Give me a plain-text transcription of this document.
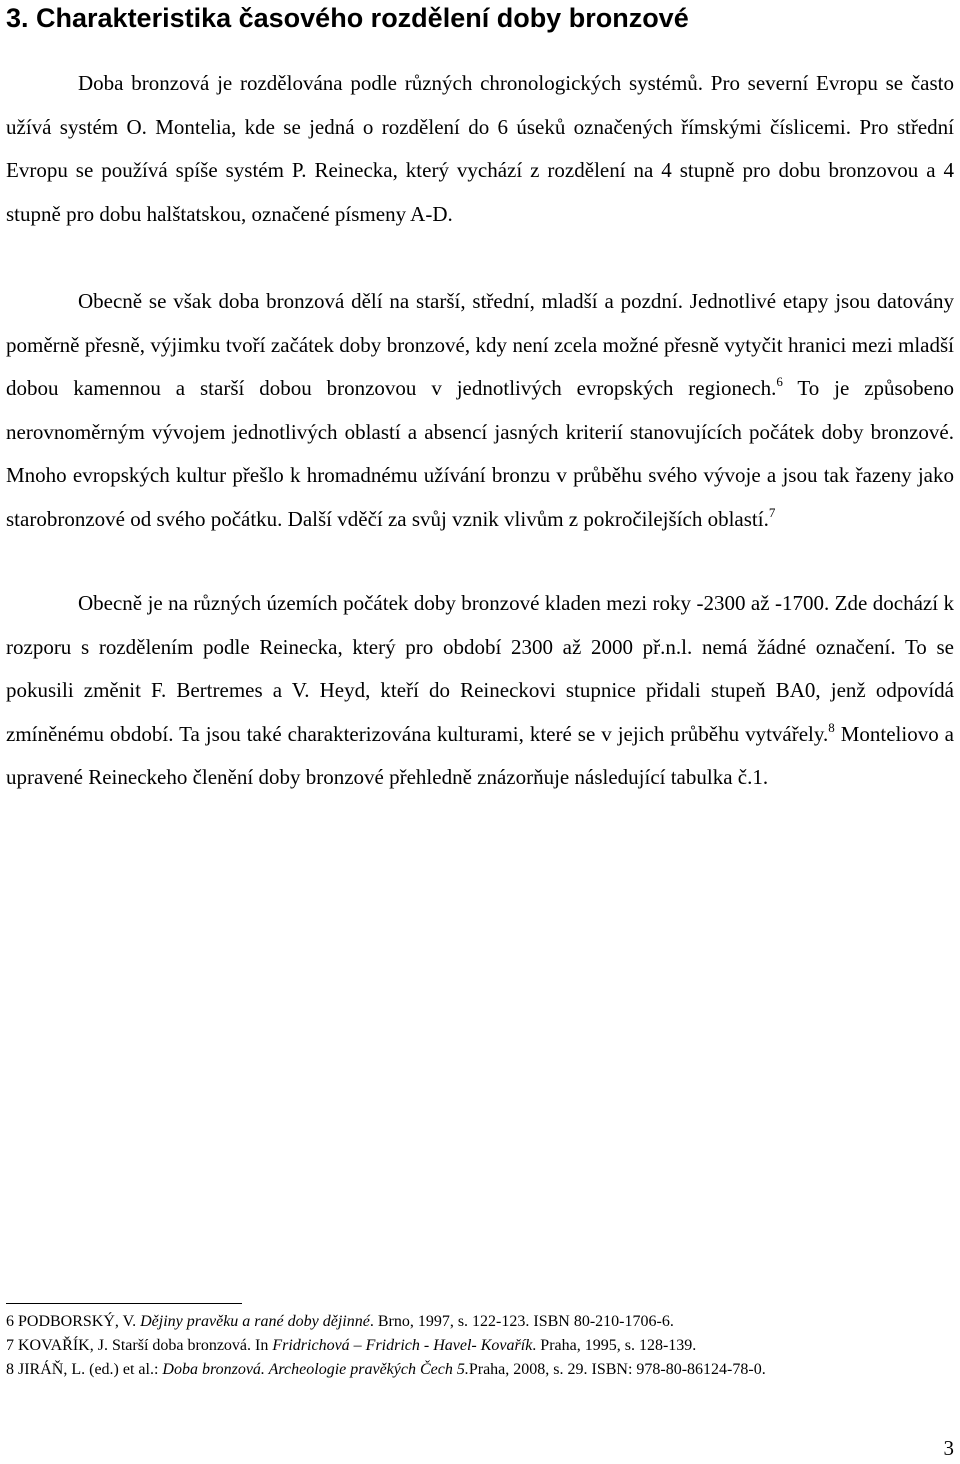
3. Charakteristika časového rozdělení doby bronzové

Doba bronzová je rozdělována podle různých chronologických systémů. Pro severní Evropu se často užívá systém O. Montelia, kde se jedná o rozdělení do 6 úseků označených římskými číslicemi. Pro střední Evropu se používá spíše systém P. Reinecka, který vychází z rozdělení na 4 stupně pro dobu bronzovou a 4 stupně pro dobu halštatskou, označené písmeny A-D.

Obecně se však doba bronzová dělí na starší, střední, mladší a pozdní. Jednotlivé etapy jsou datovány poměrně přesně, výjimku tvoří začátek doby bronzové, kdy není zcela možné přesně vytyčit hranici mezi mladší dobou kamennou a starší dobou bronzovou v jednotlivých evropských regionech.$^6$ To je způsobeno nerovnoměrným vývojem jednotlivých oblastí a absencí jasných kriterií stanovujících počátek doby bronzové. Mnoho evropských kultur přešlo k hromadnému užívání bronzu v průběhu svého vývoje a jsou tak řazeny jako starobronzové od svého počátku. Další vděčí za svůj vznik vlivům z pokročilejších oblastí.$^7$

Obecně je na různých územích počátek doby bronzové kladen mezi roky -2300 až -1700. Zde dochází k rozporu s rozdělením podle Reinecka, který pro období 2300 až 2000 př.n.l. nemá žádné označení. To se pokusili změnit F. Bertremes a V. Heyd, kteří do Reineckovi stupnice přidali stupeň BA0, jenž odpovídá zmíněnému období. Ta jsou také charakterizována kulturami, které se v jejich průběhu vytvářely.$^8$ Monteliovo a upravené Reineckeho členění doby bronzové přehledně znázorňuje následující tabulka č.1.

6 PODBORSKÝ, V. Dějiny pravěku a rané doby dějinné. Brno, 1997, s. 122-123. ISBN 80-210-1706-6.

7 KOVAŘÍK, J. Starší doba bronzová. In Fridrichová – Fridrich - Havel- Kovařík. Praha, 1995, s. 128-139.

8 JIRÁŇ, L. (ed.) et al.: Doba bronzová. Archeologie pravěkých Čech 5.Praha, 2008, s. 29. ISBN: 978-80-86124-78-0.

3
